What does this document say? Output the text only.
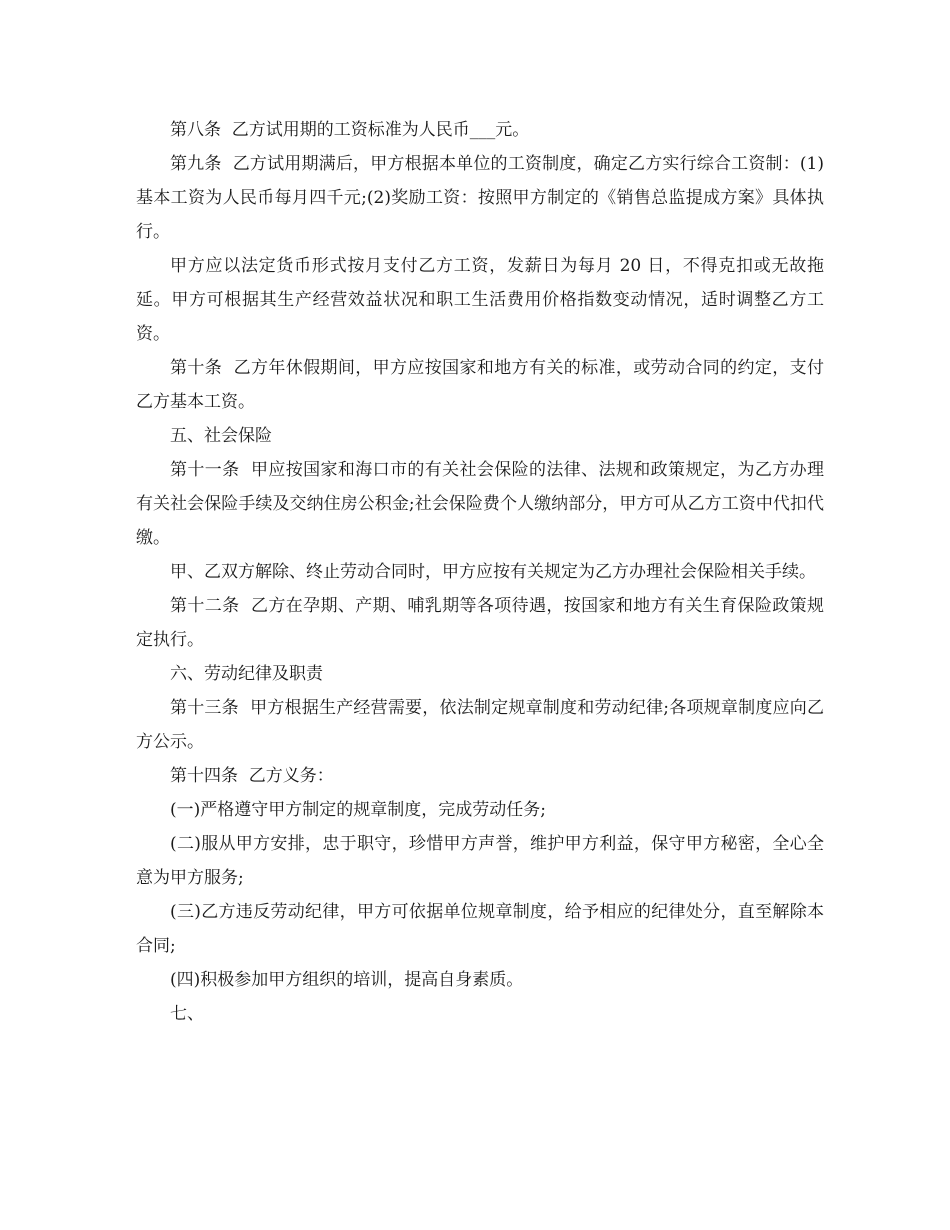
第八条  乙方试用期的工资标准为人民币___元。

第九条  乙方试用期满后，甲方根据本单位的工资制度，确定乙方实行综合工资制：(1)基本工资为人民币每月四千元;(2)奖励工资：按照甲方制定的《销售总监提成方案》具体执行。

甲方应以法定货币形式按月支付乙方工资，发薪日为每月 20 日，不得克扣或无故拖延。甲方可根据其生产经营效益状况和职工生活费用价格指数变动情况，适时调整乙方工资。

第十条  乙方年休假期间，甲方应按国家和地方有关的标准，或劳动合同的约定，支付乙方基本工资。

五、社会保险

第十一条  甲应按国家和海口市的有关社会保险的法律、法规和政策规定，为乙方办理有关社会保险手续及交纳住房公积金;社会保险费个人缴纳部分，甲方可从乙方工资中代扣代缴。

甲、乙双方解除、终止劳动合同时，甲方应按有关规定为乙方办理社会保险相关手续。

第十二条  乙方在孕期、产期、哺乳期等各项待遇，按国家和地方有关生育保险政策规定执行。

六、劳动纪律及职责

第十三条  甲方根据生产经营需要，依法制定规章制度和劳动纪律;各项规章制度应向乙方公示。

第十四条  乙方义务：

(一)严格遵守甲方制定的规章制度，完成劳动任务;

(二)服从甲方安排，忠于职守，珍惜甲方声誉，维护甲方利益，保守甲方秘密，全心全意为甲方服务;

(三)乙方违反劳动纪律，甲方可依据单位规章制度，给予相应的纪律处分，直至解除本合同;

(四)积极参加甲方组织的培训，提高自身素质。

七、
